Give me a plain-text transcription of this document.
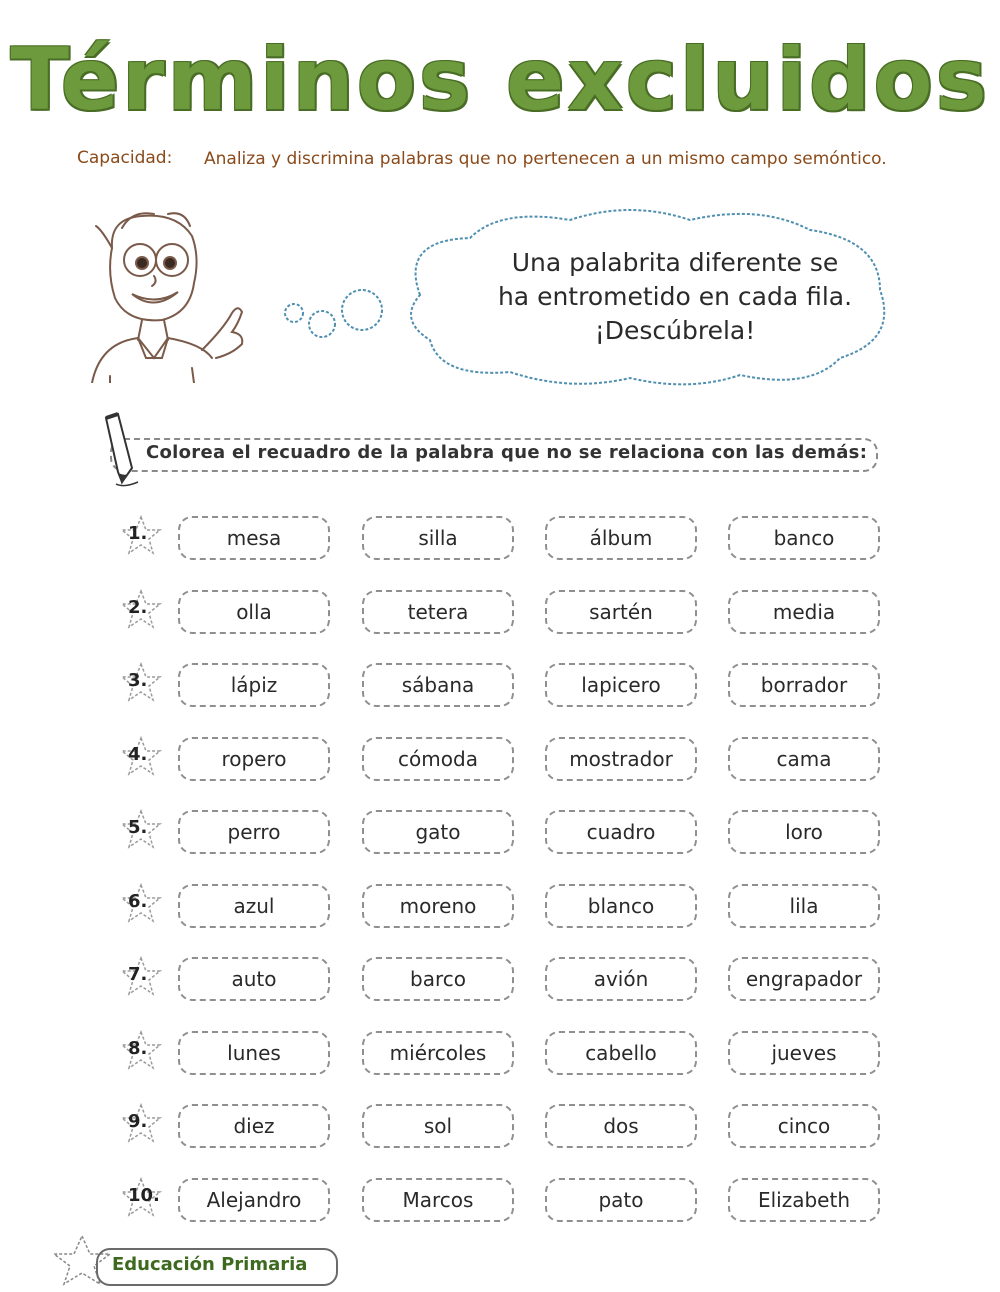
Términos excluidos
Capacidad: Analiza y discrimina palabras que no pertenecen a un mismo campo semóntico.
Una palabrita diferente se
ha entrometido en cada fila.
¡Descúbrela!
Colorea el recuadro de la palabra que no se relaciona con las demás:
1.	mesa	silla	álbum	banco
2.	olla	tetera	sartén	media
3.	lápiz	sábana	lapicero	borrador
4.	ropero	cómoda	mostrador	cama
5.	perro	gato	cuadro	loro
6.	azul	moreno	blanco	lila
7.	auto	barco	avión	engrapador
8.	lunes	miércoles	cabello	jueves
9.	diez	sol	dos	cinco
10.	Alejandro	Marcos	pato	Elizabeth
Educación Primaria
